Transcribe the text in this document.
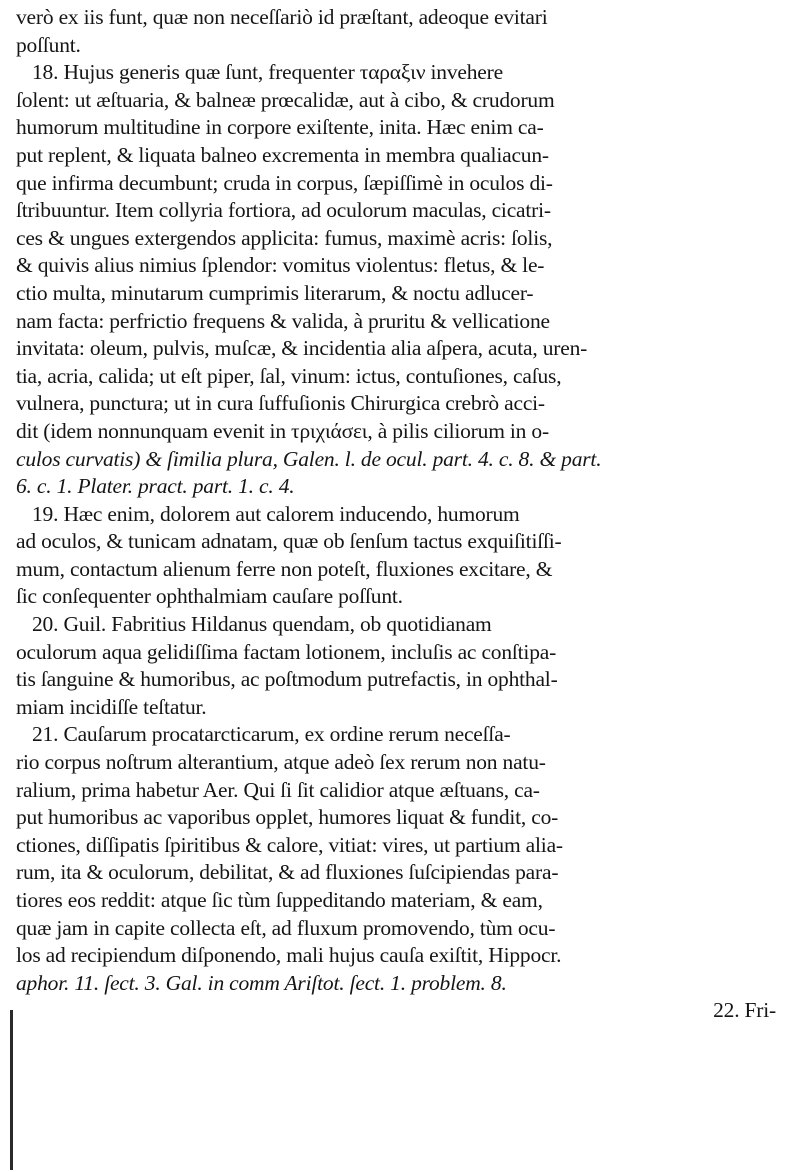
verò ex iis funt, quæ non neceſſariò id præſtant, adeoque evitari
poſſunt.
18. Hujus generis quæ ſunt, frequenter ταραξιν invehere
ſolent: ut æſtuaria, & balneæ prœcalidæ, aut à cibo, & crudorum
humorum multitudine in corpore exiſtente, inita. Hæc enim ca-
put replent, & liquata balneo excrementa in membra qualiacun-
que infirma decumbunt; cruda in corpus, ſæpiſſimè in oculos di-
ſtribuuntur. Item collyria fortiora, ad oculorum maculas, cicatri-
ces & ungues extergendos applicita: fumus, maximè acris: ſolis,
& quivis alius nimius ſplendor: vomitus violentus: fletus, & le-
ctio multa, minutarum cumprimis literarum, & noctu adlucer-
nam facta: perfrictio frequens & valida, à pruritu & vellicatione
invitata: oleum, pulvis, muſcæ, & incidentia alia aſpera, acuta, uren-
tia, acria, calida; ut eſt piper, ſal, vinum: ictus, contuſiones, caſus,
vulnera, punctura; ut in cura ſuffuſionis Chirurgica crebrò acci-
dit (idem nonnunquam evenit in τριχιάσει, à pilis ciliorum in o-
culos curvatis) & ſimilia plura, Galen. l. de ocul. part. 4. c. 8. & part.
6. c. 1. Plater. pract. part. 1. c. 4.
19. Hæc enim, dolorem aut calorem inducendo, humorum
ad oculos, & tunicam adnatam, quæ ob ſenſum tactus exquiſitiſſi-
mum, contactum alienum ferre non poteſt, fluxiones excitare, &
ſic conſequenter ophthalmiam cauſare poſſunt.
20. Guil. Fabritius Hildanus quendam, ob quotidianam
oculorum aqua gelidiſſima factam lotionem, incluſis ac conſtipa-
tis ſanguine & humoribus, ac poſtmodum putrefactis, in ophthal-
miam incidiſſe teſtatur.
21. Cauſarum procatarcticarum, ex ordine rerum neceſſa-
rio corpus noſtrum alterantium, atque adeò ſex rerum non natu-
ralium, prima habetur Aer. Qui ſi ſit calidior atque æſtuans, ca-
put humoribus ac vaporibus opplet, humores liquat & fundit, co-
ctiones, diſſipatis ſpiritibus & calore, vitiat: vires, ut partium alia-
rum, ita & oculorum, debilitat, & ad fluxiones ſuſcipiendas para-
tiores eos reddit: atque ſic tùm ſuppeditando materiam, & eam,
quæ jam in capite collecta eſt, ad fluxum promovendo, tùm ocu-
los ad recipiendum diſponendo, mali hujus cauſa exiſtit, Hippocr.
aphor. 11. ſect. 3. Gal. in comm Ariſtot. ſect. 1. problem. 8.
22. Fri-
